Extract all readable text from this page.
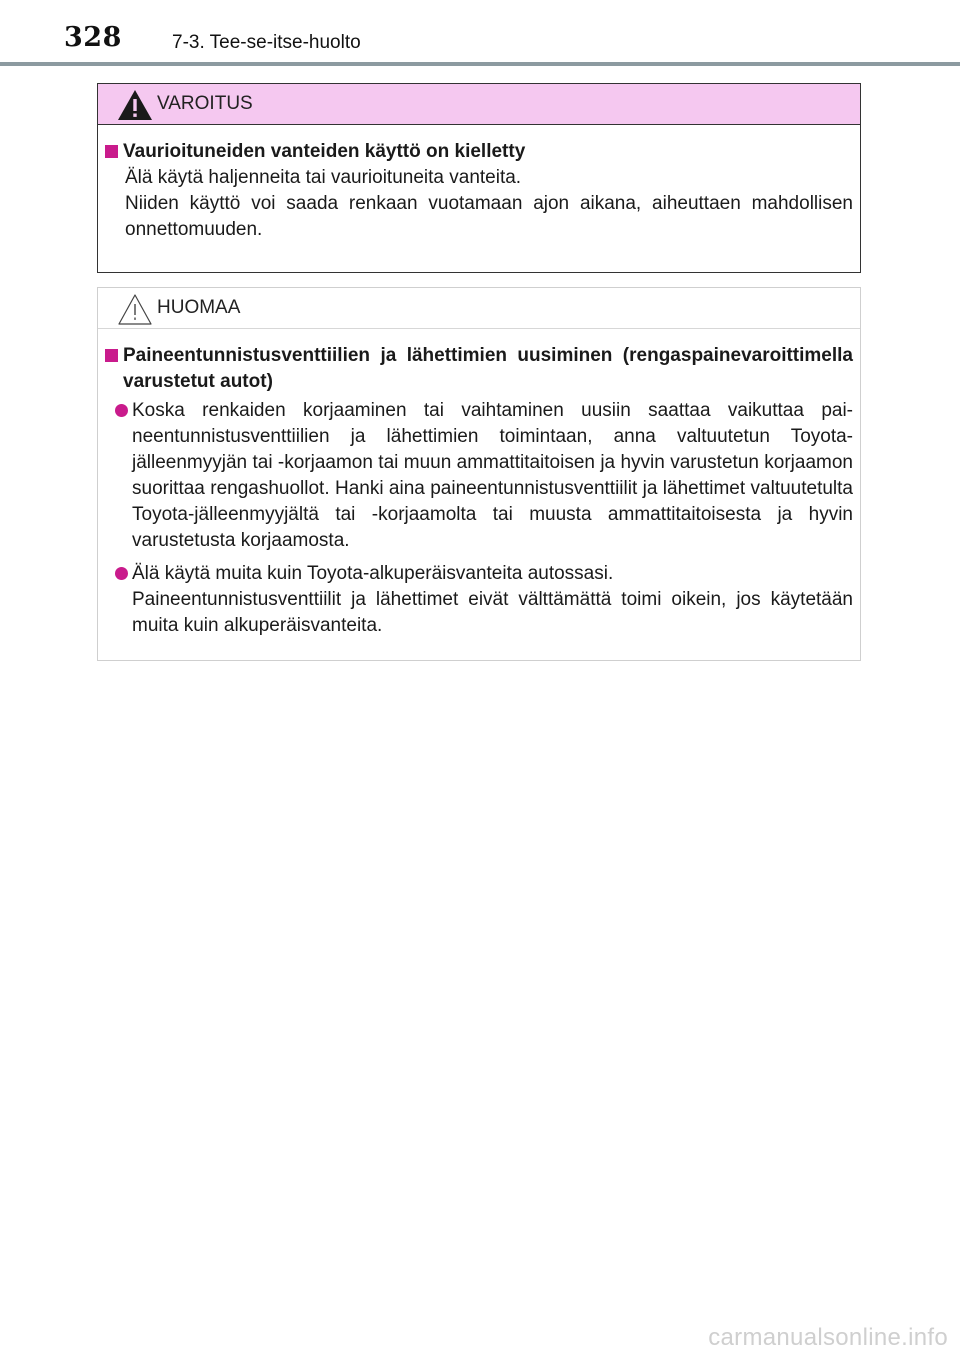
328	7-3. Tee-se-itse-huolto
VAROITUS
Vaurioituneiden vanteiden käyttö on kielletty

Älä käytä haljenneita tai vaurioituneita vanteita.

Niiden käyttö voi saada renkaan vuotamaan ajon aikana, aiheuttaen mahdollisen onnettomuuden.

HUOMAA
Paineentunnistusventtiilien ja lähettimien uusiminen (rengaspainevaroittimella varustetut autot)

Koska renkaiden korjaaminen tai vaihtaminen uusiin saattaa vaikuttaa paineentunnistusventtiilien ja lähettimien toimintaan, anna valtuutetun Toyota-jälleenmyyjän tai -korjaamon tai muun ammattitaitoisen ja hyvin varustetun korjaamon suorittaa rengashuollot. Hanki aina paineentunnistusventtiilit ja lähettimet valtuutetulta Toyota-jälleenmyyjältä tai -korjaamolta tai muusta ammattitaitoisesta ja hyvin varustetusta korjaamosta.

Älä käytä muita kuin Toyota-alkuperäisvanteita autossasi.

Paineentunnistusventtiilit ja lähettimet eivät välttämättä toimi oikein, jos käytetään muita kuin alkuperäisvanteita.

carmanualsonline.info
